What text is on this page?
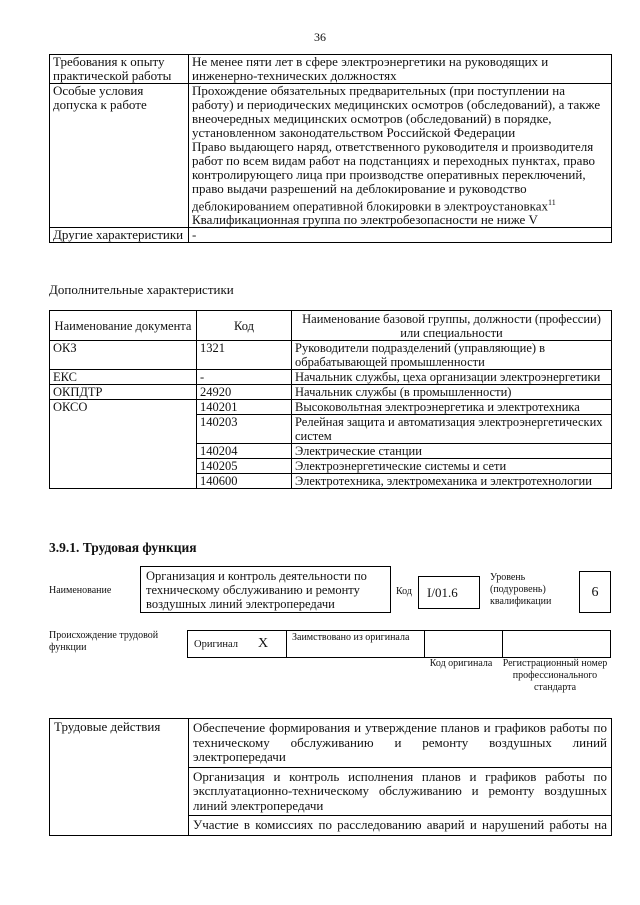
36
Требования к опыту практической работы	Не менее пяти лет в сфере электроэнергетики на руководящих и инженерно-технических должностях
Особые условия допуска к работе	Прохождение обязательных предварительных (при поступлении на работу) и периодических медицинских осмотров (обследований), а также внеочередных медицинских осмотров (обследований) в порядке, установленном законодательством Российской Федерации
Право выдающего наряд, ответственного руководителя и производителя работ по всем видам работ на подстанциях и переходных пунктах, право контролирующего лица при производстве оперативных переключений, право выдачи разрешений на деблокирование и руководство деблокированием оперативной блокировки в электроустановках$^{11}$
Квалификационная группа по электробезопасности не ниже V

Другие характеристики	-
Дополнительные характеристики
Наименование документа	Код	Наименование базовой группы, должности (профессии) или специальности
ОКЗ	1321	Руководители подразделений (управляющие) в обрабатывающей промышленности
ЕКС	-	Начальник службы, цеха организации электроэнергетики
ОКПДТР	24920	Начальник службы (в промышленности)
ОКСО	140201	Высоковольтная электроэнергетика и электротехника
	140203	Релейная защита и автоматизация электроэнергетических систем
	140204	Электрические станции
	140205	Электроэнергетические системы и сети
	140600	Электротехника, электромеханика и электротехнологии
3.9.1. Трудовая функция
Наименование
Организация и контроль деятельности по техническому обслуживанию и ремонту воздушных линий электропередачи
Код	I/01.6
Уровень (подуровень) квалификации
6
Происхождение трудовой функции	Оригинал X Заимствовано из оригинала
Код оригинала	Регистрационный номер профессионального стандарта
Трудовые действия	Обеспечение формирования и утверждение планов и графиков работы по техническому обслуживанию и ремонту воздушных линий электропередачи
Организация и контроль исполнения планов и графиков работы по эксплуатационно-техническому обслуживанию и ремонту воздушных линий электропередачи
Участие в комиссиях по расследованию аварий и нарушений работы на
